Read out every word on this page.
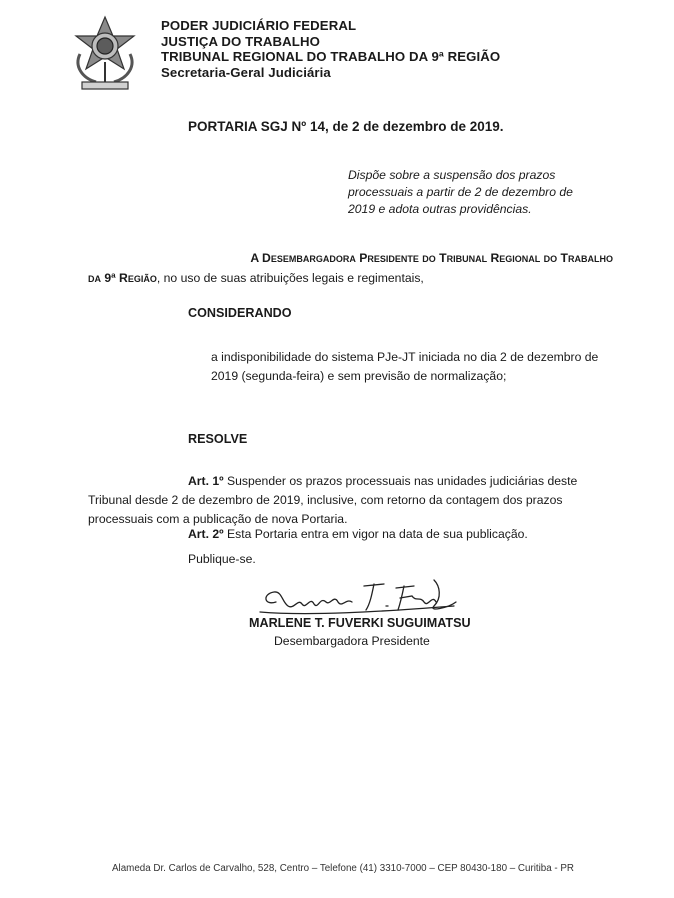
PODER JUDICIÁRIO FEDERAL
JUSTIÇA DO TRABALHO
TRIBUNAL REGIONAL DO TRABALHO DA 9ª REGIÃO
Secretaria-Geral Judiciária
PORTARIA SGJ Nº 14, de 2 de dezembro de 2019.
Dispõe sobre a suspensão dos prazos
processuais a partir de 2 de dezembro de
2019 e adota outras providências.
A Desembargadora Presidente do Tribunal Regional do Trabalho
da 9ª Região, no uso de suas atribuições legais e regimentais,
CONSIDERANDO
a indisponibilidade do sistema PJe-JT iniciada no dia 2 de dezembro de
2019 (segunda-feira) e sem previsão de normalização;
RESOLVE
Art. 1º Suspender os prazos processuais nas unidades judiciárias deste
Tribunal desde 2 de dezembro de 2019, inclusive, com retorno da contagem dos prazos
processuais com a publicação de nova Portaria.
Art. 2º Esta Portaria entra em vigor na data de sua publicação.
Publique-se.
MARLENE T. FUVERKI SUGUIMATSU
Desembargadora Presidente
Alameda Dr. Carlos de Carvalho, 528, Centro – Telefone (41) 3310-7000 – CEP 80430-180 – Curitiba - PR
